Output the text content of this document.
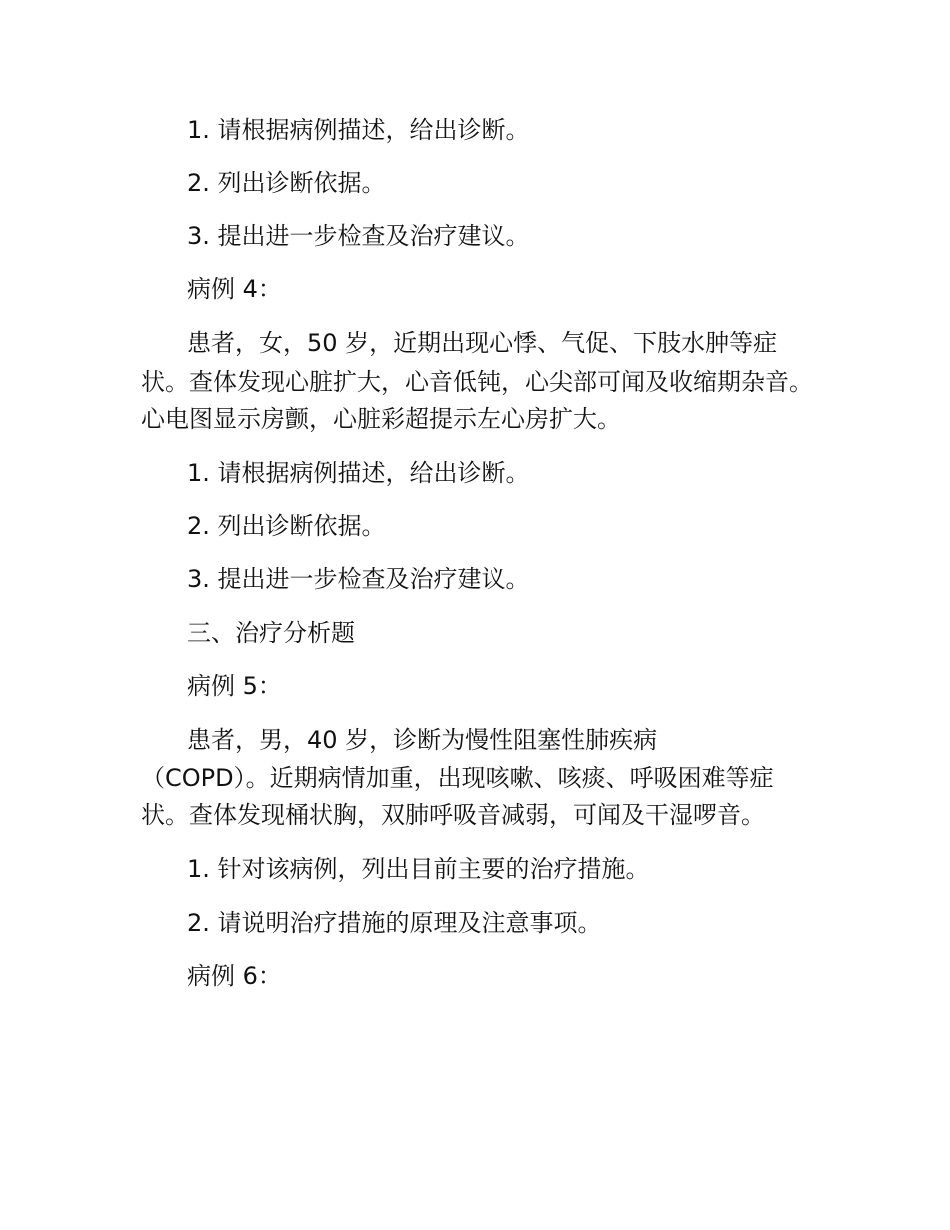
1. 请根据病例描述，给出诊断。

2. 列出诊断依据。

3. 提出进一步检查及治疗建议。

病例 4：

患者，女，50 岁，近期出现心悸、气促、下肢水肿等症

状。查体发现心脏扩大，心音低钝，心尖部可闻及收缩期杂音。

心电图显示房颤，心脏彩超提示左心房扩大。

1. 请根据病例描述，给出诊断。

2. 列出诊断依据。

3. 提出进一步检查及治疗建议。

三、治疗分析题

病例 5：

患者，男，40 岁，诊断为慢性阻塞性肺疾病

（COPD）。近期病情加重，出现咳嗽、咳痰、呼吸困难等症

状。查体发现桶状胸，双肺呼吸音减弱，可闻及干湿啰音。

1. 针对该病例，列出目前主要的治疗措施。

2. 请说明治疗措施的原理及注意事项。

病例 6：
